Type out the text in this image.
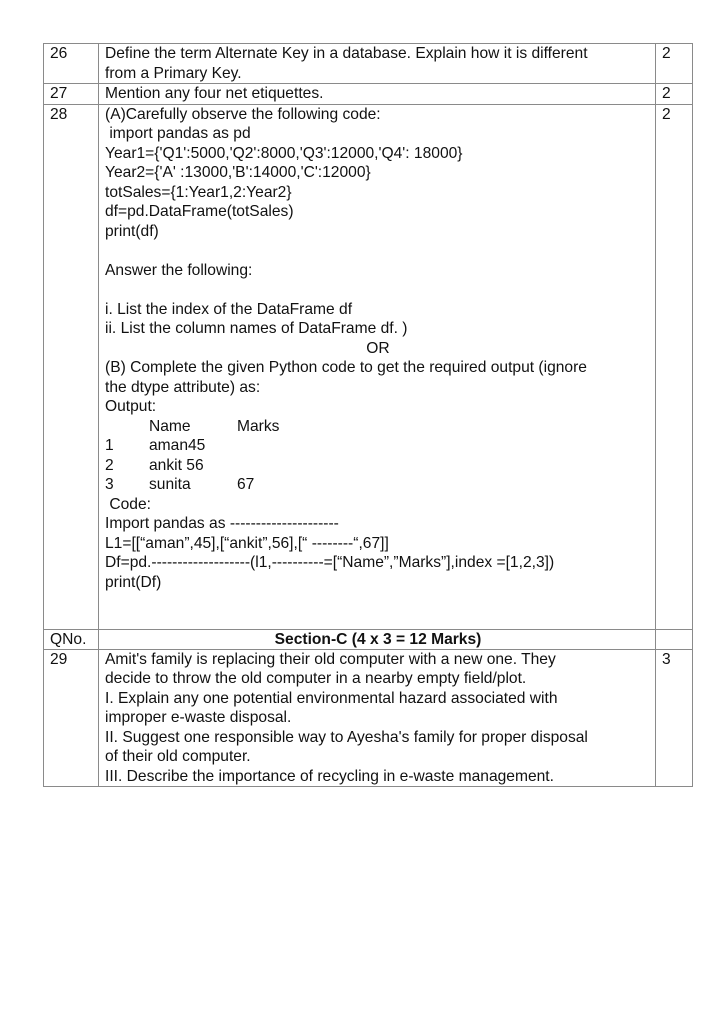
26	Define the term Alternate Key in a database. Explain how it is different
from a Primary Key.	2
27	Mention any four net etiquettes.	2
28	(A)Carefully observe the following code:
import pandas as pd
Year1={'Q1':5000,'Q2':8000,'Q3':12000,'Q4': 18000}
Year2={'A' :13000,'B':14000,'C':12000}
totSales={1:Year1,2:Year2}
df=pd.DataFrame(totSales)
print(df)
Answer the following:
i. List the index of the DataFrame df
ii. List the column names of DataFrame df. )
OR
(B) Complete the given Python code to get the required output (ignore
the dtype attribute) as:
Output:
Name	Marks
1	aman45
2	ankit 56
3	sunita	67
Code:
Import pandas as ---------------------
L1=[[“aman”,45],[“ankit”,56],[“ --------“,67]]
Df=pd.-------------------(l1,----------=[“Name”,”Marks”],index =[1,2,3])
print(Df)
	2
QNo.	Section-C (4 x 3 = 12 Marks)	
29	Amit's family is replacing their old computer with a new one. They
decide to throw the old computer in a nearby empty field/plot.
I. Explain any one potential environmental hazard associated with
improper e-waste disposal.
II. Suggest one responsible way to Ayesha's family for proper disposal
of their old computer.
III. Describe the importance of recycling in e-waste management.
	3
